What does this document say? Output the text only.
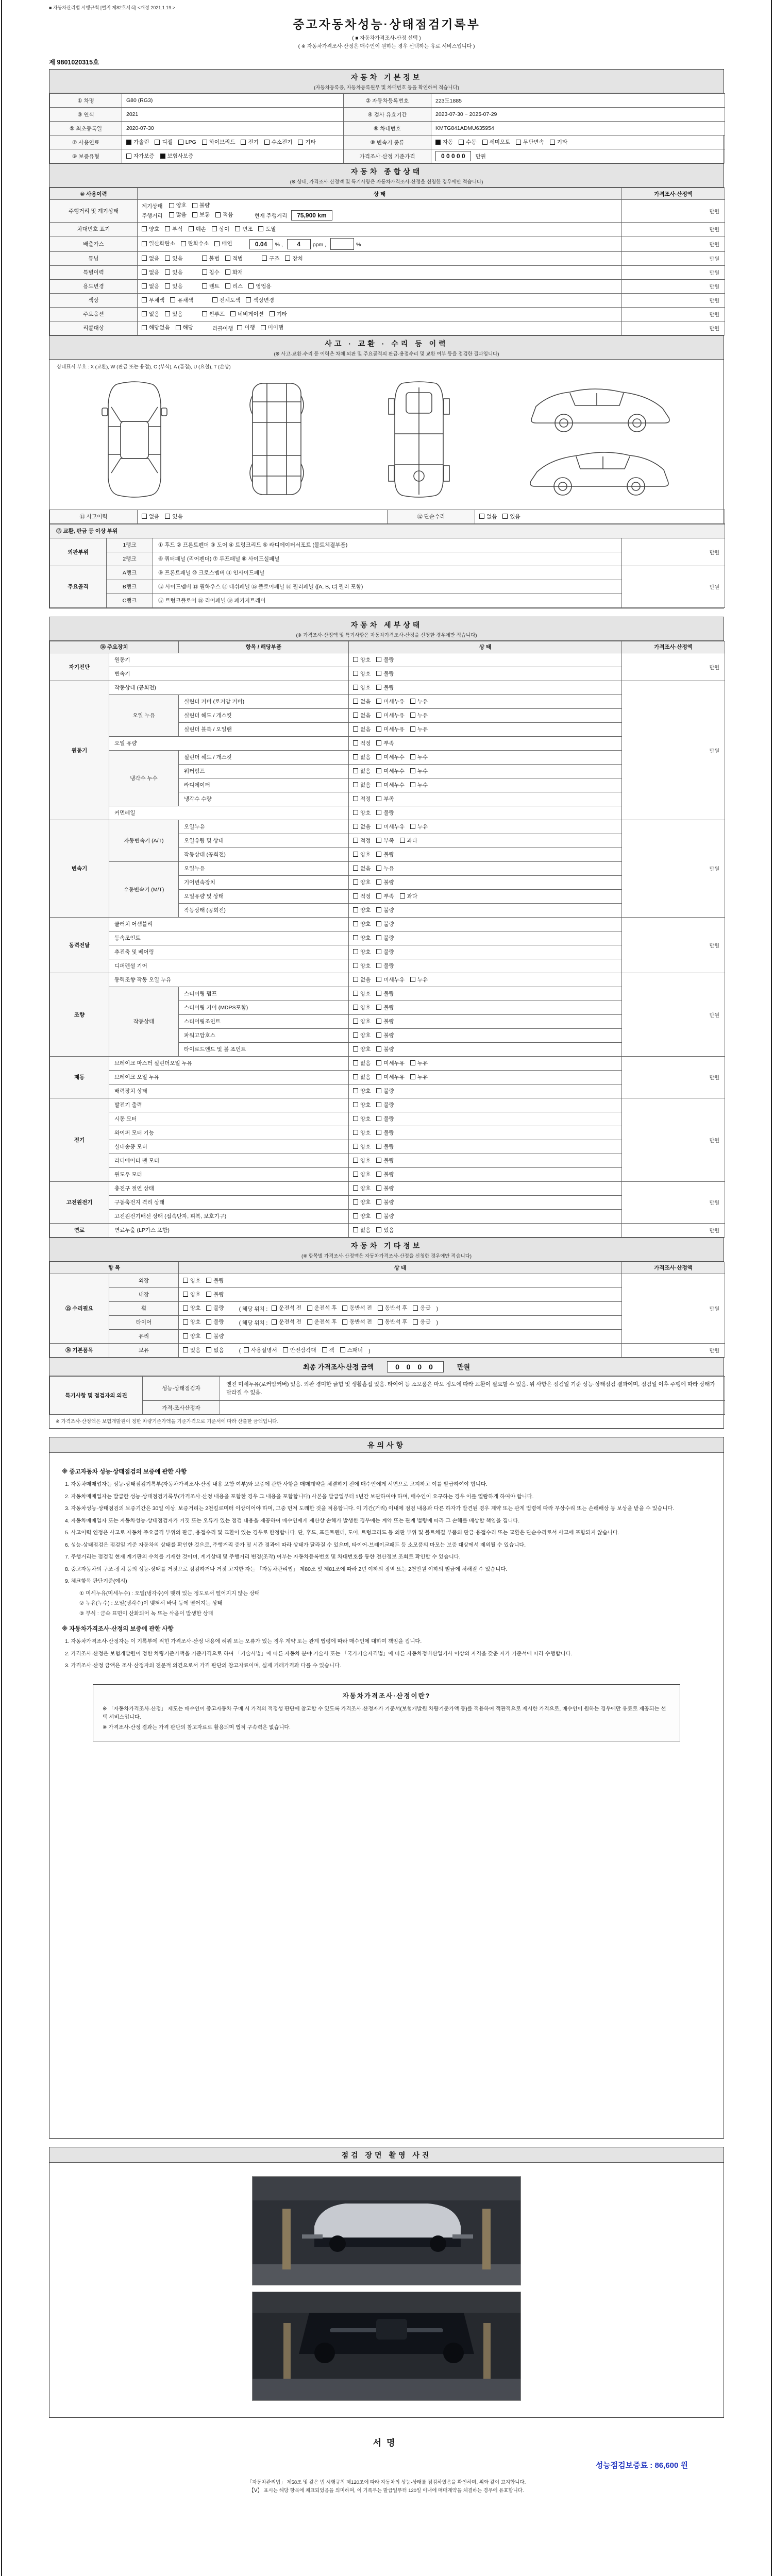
■ 자동차관리법 시행규칙 [별지 제82호서식] <개정 2021.1.19.>
중고자동차성능·상태점검기록부
( ■ 자동차가격조사·산정 선택 )
( ※ 자동차가격조사·산정은 매수인이 원하는 경우 선택하는 유료 서비스입니다 )
제 9801020315호
자동차 기본정보
(자동차등록증, 자동차등록원부 및 차대번호 등을 확인하여 적습니다)
① 차명	G80 (RG3)	② 자동차등록번호	223도1885
③ 연식	2021	④ 검사 유효기간	2023-07-30 ~ 2025-07-29
⑤ 최초등록일	2020-07-30	⑥ 차대번호	KMTG841ADMU635954
⑦ 사용연료	가솔린 디젤 LPG 하이브리드 전기 수소전기 기타	⑧ 변속기 종류	자동 수동 세미오토 무단변속 기타

⑨ 보증유형	자가보증 보험사보증	가격조사·산정 기준가격	0 0 0 0 0 만원
자동차 종합상태
(※ 상태, 가격조사·산정액 및 특기사항은 자동차가격조사·산정을 신청한 경우에만 적습니다)
⑩ 사용이력	상 태	가격조사·산정액
주행거리 및 계기상태	계기상태 양호 불량

주행거리 많음 보통 적음	현재 주행거리 75,900 km	만원
차대번호 표기	양호 부식 훼손 상이 변조 도말	만원
배출가스	일산화탄소 탄화수소 매연 0.04 % , 4 ppm ,　 %	만원
튜닝	없음 있음	불법 적법	구조 장치	만원
특별이력	없음 있음 침수 화재	만원
용도변경	없음 있음 렌트 리스 영업용	만원
색상	무채색 유채색 전체도색 색상변경	만원
주요옵션	없음 있음 썬루프 네비게이션 기타	만원
리콜대상	해당없음 해당 리콜이행 이행 미이행	만원
사고 · 교환 · 수리 등 이력
(※ 사고·교환·수리 등 이력은 차체 외판 및 주요골격의 판금·용접수리 및 교환 여부 등을 점검한 결과입니다)
상태표시 부호 : X (교환), W (판금 또는 용접), C (부식), A (흠집), U (요철), T (손상)
⑪ 사고이력	없음 있음	⑫ 단순수리	없음 있음
⑬ 교환, 판금 등 이상 부위			
외판부위	1랭크	① 후드 ② 프론트펜더 ③ 도어 ④ 트렁크리드 ⑤ 라디에이터서포트 (볼트체결부품)	만원
	2랭크	⑥ 쿼터패널 (리어펜더) ⑦ 루프패널 ⑧ 사이드실패널	
주요골격	A랭크	⑨ 프론트패널 ⑩ 크로스멤버 ⑪ 인사이드패널	만원
	B랭크	⑫ 사이드멤버 ⑬ 휠하우스 ⑭ 대쉬패널 ⑮ 플로어패널 ⑯ 필러패널 ([A, B, C] 필러 포함)	
	C랭크	⑰ 트렁크플로어 ⑱ 리어패널 ⑲ 패키지트레이	
자동차 세부상태
(※ 가격조사·산정액 및 특기사항은 자동차가격조사·산정을 신청한 경우에만 적습니다)
⑭ 주요장치		항목 / 해당부품	상 태	가격조사·산정액
자기진단	원동기		양호 불량	만원
	변속기		양호 불량	

원동기	작동상태 (공회전)		양호 불량	만원
	오일 누유	실린더 커버 (로커암 커버)	없음 미세누유 누유	

		실린더 헤드 / 개스킷	없음 미세누유 누유	

		실린더 블록 / 오일팬	없음 미세누유 누유	

	오일 유량		적정 부족	

	냉각수 누수	실린더 헤드 / 개스킷	없음 미세누수 누수	

		워터펌프	없음 미세누수 누수	

		라디에이터	없음 미세누수 누수	

		냉각수 수량	적정 부족	

	커먼레일		양호 불량	

변속기	자동변속기 (A/T)	오일누유	없음 미세누유 누유	만원
		오일유량 및 상태	적정 부족 과다	

		작동상태 (공회전)	양호 불량	

	수동변속기 (M/T)	오일누유	없음 누유	

		기어변속장치	양호 불량	

		오일유량 및 상태	적정 부족 과다	

		작동상태 (공회전)	양호 불량	

동력전달	클러치 어셈블리		양호 불량	만원
	등속조인트		양호 불량	

	추진축 및 베어링		양호 불량	

	디퍼렌셜 기어		양호 불량	

조향	동력조향 작동 오일 누유		없음 미세누유 누유	만원
	작동상태	스티어링 펌프	양호 불량	

		스티어링 기어 (MDPS포함)	양호 불량	

		스티어링조인트	양호 불량	

		파워고압호스	양호 불량	

		타이로드엔드 및 볼 조인트	양호 불량	

제동	브레이크 마스터 실린더오일 누유		없음 미세누유 누유	만원
	브레이크 오일 누유		없음 미세누유 누유	

	배력장치 상태		양호 불량	

전기	발전기 출력		양호 불량	만원
	시동 모터		양호 불량	

	와이퍼 모터 기능		양호 불량	

	실내송풍 모터		양호 불량	

	라디에이터 팬 모터		양호 불량	

	윈도우 모터		양호 불량	

고전원전기	충전구 절연 상태		양호 불량	만원
	구동축전지 격리 상태		양호 불량	

	고전원전기배선 상태 (접속단자, 피복, 보호기구)		양호 불량	

연료	연료누출 (LP가스 포함)		없음 있음	만원
자동차 기타정보
(※ 항목별 가격조사·산정액은 자동차가격조사·산정을 신청한 경우에만 적습니다)
항 목		상 태	가격조사·산정액
⑮ 수리필요	외장	양호 불량	만원
	내장	양호 불량	

휠	양호 불량	( 해당 위치 : 운전석 전 운전석 후 동반석 전 동반석 후 응급 )
타이어	양호 불량	( 해당 위치 : 운전석 전 운전석 후 동반석 전 동반석 후 응급 )
	유리	양호 불량	

⑯ 기본품목	보유	있음 없음	( 사용설명서 안전삼각대 잭 스패너 )	만원
최종 가격조사·산정 금액	0 0 0 0	만원
특기사항 및 점검자의 의견	성능·상태점검자	엔진 미세누유(로커암커버) 있음. 외판 경미한 긁힘 및 생활흠집 있음. 타이어 등 소모품은 마모 정도에 따라 교환이 필요할 수 있음. 위 사항은 점검일 기준 성능·상태점검 결과이며, 점검일 이후 주행에 따라 상태가 달라질 수 있음.
	가격·조사산정자	
※ 가격조사·산정액은 보험개발원이 정한 차량기준가액을 기준가격으로 기준서에 따라 산출한 금액입니다.
유의사항
※ 중고자동차 성능·상태점검의 보증에 관한 사항
1. 자동차매매업자는 성능·상태점검기록부(자동차가격조사·산정 내용 포함 여부)와 보증에 관한 사항을 매매계약을 체결하기 전에 매수인에게 서면으로 고지하고 이를 발급하여야 합니다.
2. 자동차매매업자는 발급한 성능·상태점검기록부(가격조사·산정 내용을 포함한 경우 그 내용을 포함합니다) 사본을 발급일부터 1년간 보관하여야 하며, 매수인이 요구하는 경우 이를 열람하게 하여야 합니다.
3. 자동차성능·상태점검의 보증기간은 30일 이상, 보증거리는 2천킬로미터 이상이어야 하며, 그중 먼저 도래한 것을 적용합니다. 이 기간(거리) 이내에 점검 내용과 다른 하자가 발견된 경우 계약 또는 관계 법령에 따라 무상수리 또는 손해배상 등 보상을 받을 수 있습니다.
4. 자동차매매업자 또는 자동차성능·상태점검자가 거짓 또는 오류가 있는 점검 내용을 제공하여 매수인에게 재산상 손해가 발생한 경우에는 계약 또는 관계 법령에 따라 그 손해를 배상할 책임을 집니다.
5. 사고이력 인정은 사고로 자동차 주요골격 부위의 판금, 용접수리 및 교환이 있는 경우로 한정합니다. 단, 후드, 프론트펜더, 도어, 트렁크리드 등 외판 부위 및 볼트체결 부품의 판금·용접수리 또는 교환은 단순수리로서 사고에 포함되지 않습니다.
6. 성능·상태점검은 점검일 기준 자동차의 상태를 확인한 것으로, 주행거리 증가 및 시간 경과에 따라 상태가 달라질 수 있으며, 타이어·브레이크패드 등 소모품의 마모는 보증 대상에서 제외될 수 있습니다.
7. 주행거리는 점검일 현재 계기판의 수치를 기재한 것이며, 계기상태 및 주행거리 변경(조작) 여부는 자동차등록번호 및 차대번호를 통한 전산정보 조회로 확인할 수 있습니다.
8. 중고자동차의 구조·장치 등의 성능·상태를 거짓으로 점검하거나 거짓 고지한 자는 「자동차관리법」 제80조 및 제81조에 따라 2년 이하의 징역 또는 2천만원 이하의 벌금에 처해질 수 있습니다.
9. 체크항목 판단기준(예시)
① 미세누유(미세누수) : 오일(냉각수)이 맺혀 있는 정도로서 떨어지지 않는 상태
② 누유(누수) : 오일(냉각수)이 맺혀서 바닥 등에 떨어지는 상태
③ 부식 : 금속 표면이 산화되어 녹 또는 삭음이 발생한 상태
※ 자동차가격조사·산정의 보증에 관한 사항
1. 자동차가격조사·산정자는 이 기록부에 적힌 가격조사·산정 내용에 허위 또는 오류가 있는 경우 계약 또는 관계 법령에 따라 매수인에 대하여 책임을 집니다.
2. 가격조사·산정은 보험개발원이 정한 차량기준가액을 기준가격으로 하여 「기술사법」에 따른 자동차 분야 기술사 또는 「국가기술자격법」에 따른 자동차정비산업기사 이상의 자격을 갖춘 자가 기준서에 따라 수행합니다.
3. 가격조사·산정 금액은 조사·산정자의 전문적 의견으로서 가격 판단의 참고자료이며, 실제 거래가격과 다를 수 있습니다.
자동차가격조사·산정이란?

※ 「자동차가격조사·산정」 제도는 매수인이 중고자동차 구매 시 가격의 적정성 판단에 참고할 수 있도록 가격조사·산정자가 기준서(보험개발원 차량기준가액 등)를 적용하여 객관적으로 제시한 가격으로, 매수인이 원하는 경우에만 유료로 제공되는 선택 서비스입니다.

※ 가격조사·산정 결과는 가격 판단의 참고자료로 활용되며 법적 구속력은 없습니다.

점검 장면 촬영 사진
서명
성능점검보증료 : 86,600 원
「자동차관리법」 제58조 및 같은 법 시행규칙 제120조에 따라 자동차의 성능·상태를 점검하였음을 확인하며, 위와 같이 고지합니다.
【Ⅴ】 표시는 해당 항목에 체크되었음을 의미하며, 이 기록부는 발급일부터 120일 이내에 매매계약을 체결하는 경우에 유효합니다.
